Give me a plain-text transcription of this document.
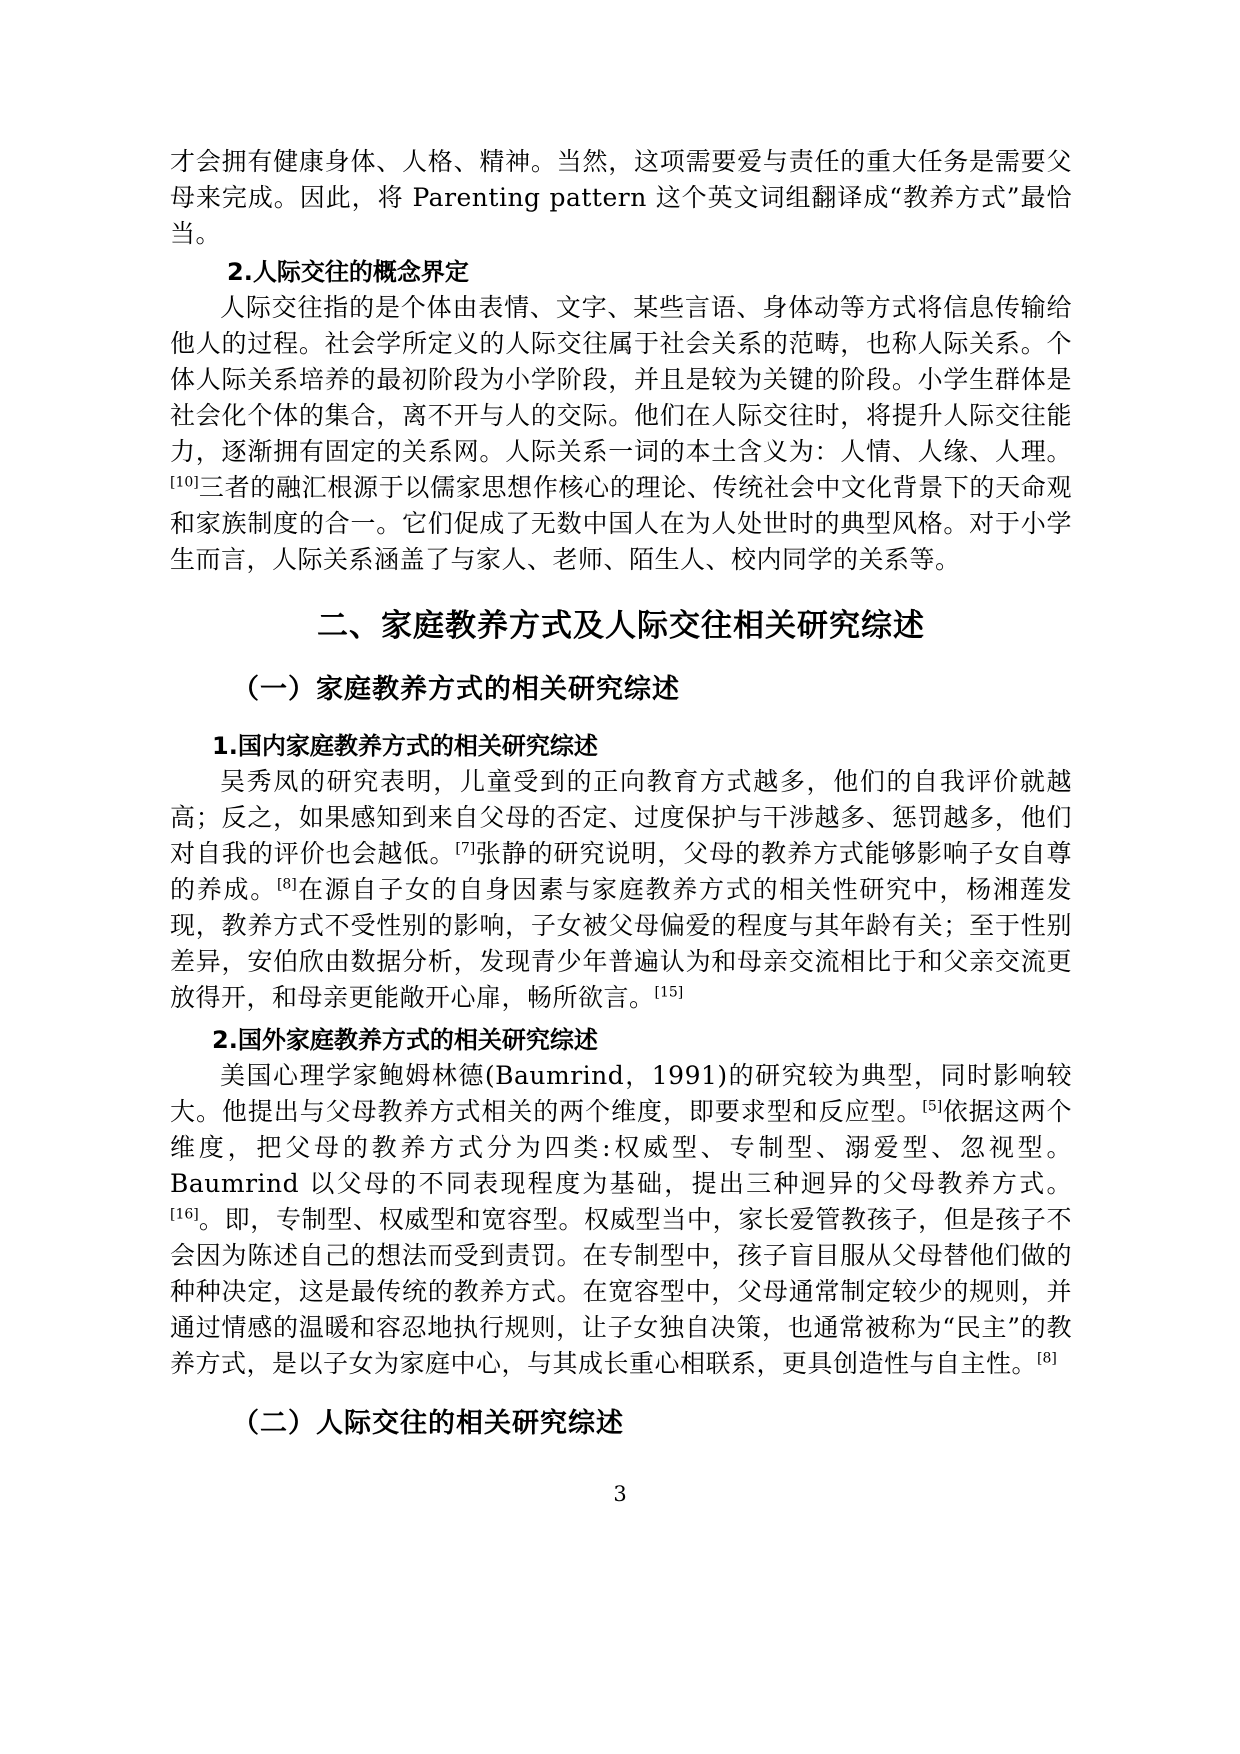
才会拥有健康身体、人格、精神。当然，这项需要爱与责任的重大任务是需要父母来完成。因此，将 Parenting pattern 这个英文词组翻译成“教养方式”最恰当。

2.人际交往的概念界定

人际交往指的是个体由表情、文字、某些言语、身体动等方式将信息传输给他人的过程。社会学所定义的人际交往属于社会关系的范畴，也称人际关系。个体人际关系培养的最初阶段为小学阶段，并且是较为关键的阶段。小学生群体是社会化个体的集合，离不开与人的交际。他们在人际交往时，将提升人际交往能力，逐渐拥有固定的关系网。人际关系一词的本土含义为：人情、人缘、人理。[10]三者的融汇根源于以儒家思想作核心的理论、传统社会中文化背景下的天命观和家族制度的合一。它们促成了无数中国人在为人处世时的典型风格。对于小学生而言，人际关系涵盖了与家人、老师、陌生人、校内同学的关系等。

二、家庭教养方式及人际交往相关研究综述
（一）家庭教养方式的相关研究综述
1.国内家庭教养方式的相关研究综述

吴秀凤的研究表明，儿童受到的正向教育方式越多，他们的自我评价就越高；反之，如果感知到来自父母的否定、过度保护与干涉越多、惩罚越多，他们对自我的评价也会越低。[7]张静的研究说明，父母的教养方式能够影响子女自尊的养成。[8]在源自子女的自身因素与家庭教养方式的相关性研究中，杨湘莲发现，教养方式不受性别的影响，子女被父母偏爱的程度与其年龄有关；至于性别差异，安伯欣由数据分析，发现青少年普遍认为和母亲交流相比于和父亲交流更放得开，和母亲更能敞开心扉，畅所欲言。[15]

2.国外家庭教养方式的相关研究综述

美国心理学家鲍姆林德(Baumrind，1991)的研究较为典型，同时影响较大。他提出与父母教养方式相关的两个维度，即要求型和反应型。[5]依据这两个维度，把父母的教养方式分为四类:权威型、专制型、溺爱型、忽视型。Baumrind 以父母的不同表现程度为基础，提出三种迥异的父母教养方式。[16]。即，专制型、权威型和宽容型。权威型当中，家长爱管教孩子，但是孩子不会因为陈述自己的想法而受到责罚。在专制型中，孩子盲目服从父母替他们做的种种决定，这是最传统的教养方式。在宽容型中，父母通常制定较少的规则，并通过情感的温暖和容忍地执行规则，让子女独自决策，也通常被称为“民主”的教养方式，是以子女为家庭中心，与其成长重心相联系，更具创造性与自主性。[8]

（二）人际交往的相关研究综述
3
